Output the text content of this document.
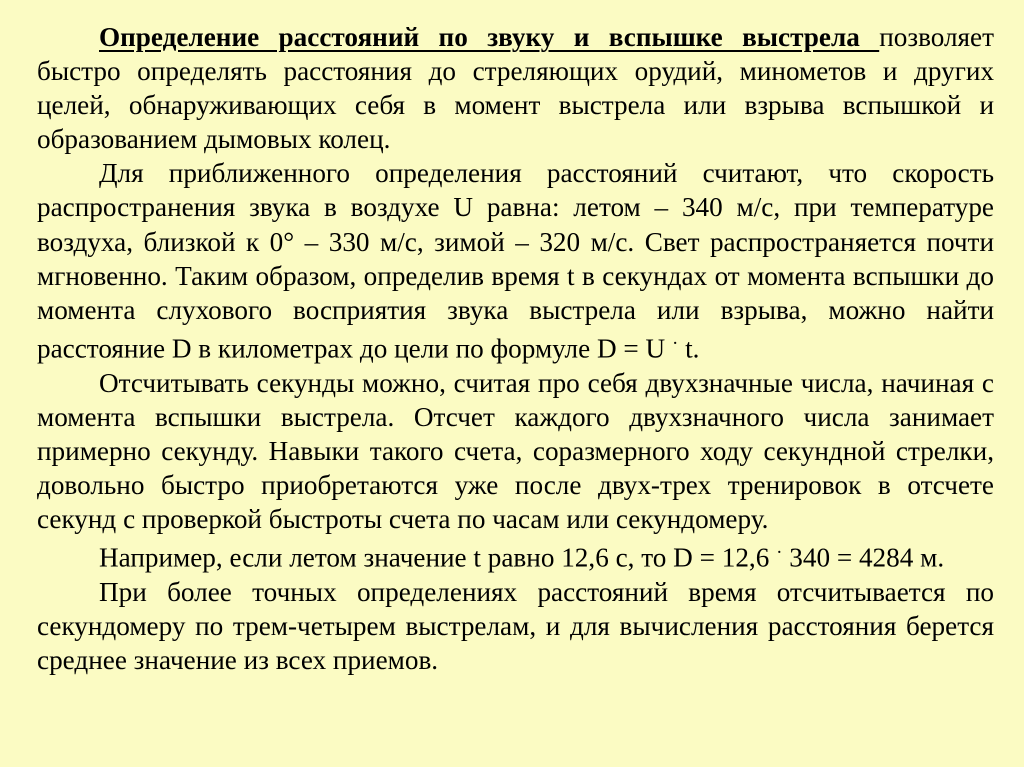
Определение расстояний по звуку и вспышке выстрела позволяет быстро определять расстояния до стреляющих орудий, минометов и других целей, обнаруживающих себя в момент выстрела или взрыва вспышкой и образованием дымовых колец.

Для приближенного определения расстояний считают, что скорость распространения звука в воздухе U равна: летом – 340 м/с, при температуре воздуха, близкой к 0° – 330 м/с, зимой – 320 м/с. Свет распространяется почти мгновенно. Таким образом, определив время t в секундах от момента вспышки до момента слухового восприятия звука выстрела или взрыва, можно найти расстояние D в километрах до цели по формуле D = U · t.

Отсчитывать секунды можно, считая про себя двухзначные числа, начиная с момента вспышки выстрела. Отсчет каждого двухзначного числа занимает примерно секунду. Навыки такого счета, соразмерного ходу секундной стрелки, довольно быстро приобретаются уже после двух-трех тренировок в отсчете секунд с проверкой быстроты счета по часам или секундомеру.

Например, если летом значение t равно 12,6 с, то D = 12,6 · 340 = 4284 м.

При более точных определениях расстояний время отсчитывается по секундомеру по трем-четырем выстрелам, и для вычисления расстояния берется среднее значение из всех приемов.
